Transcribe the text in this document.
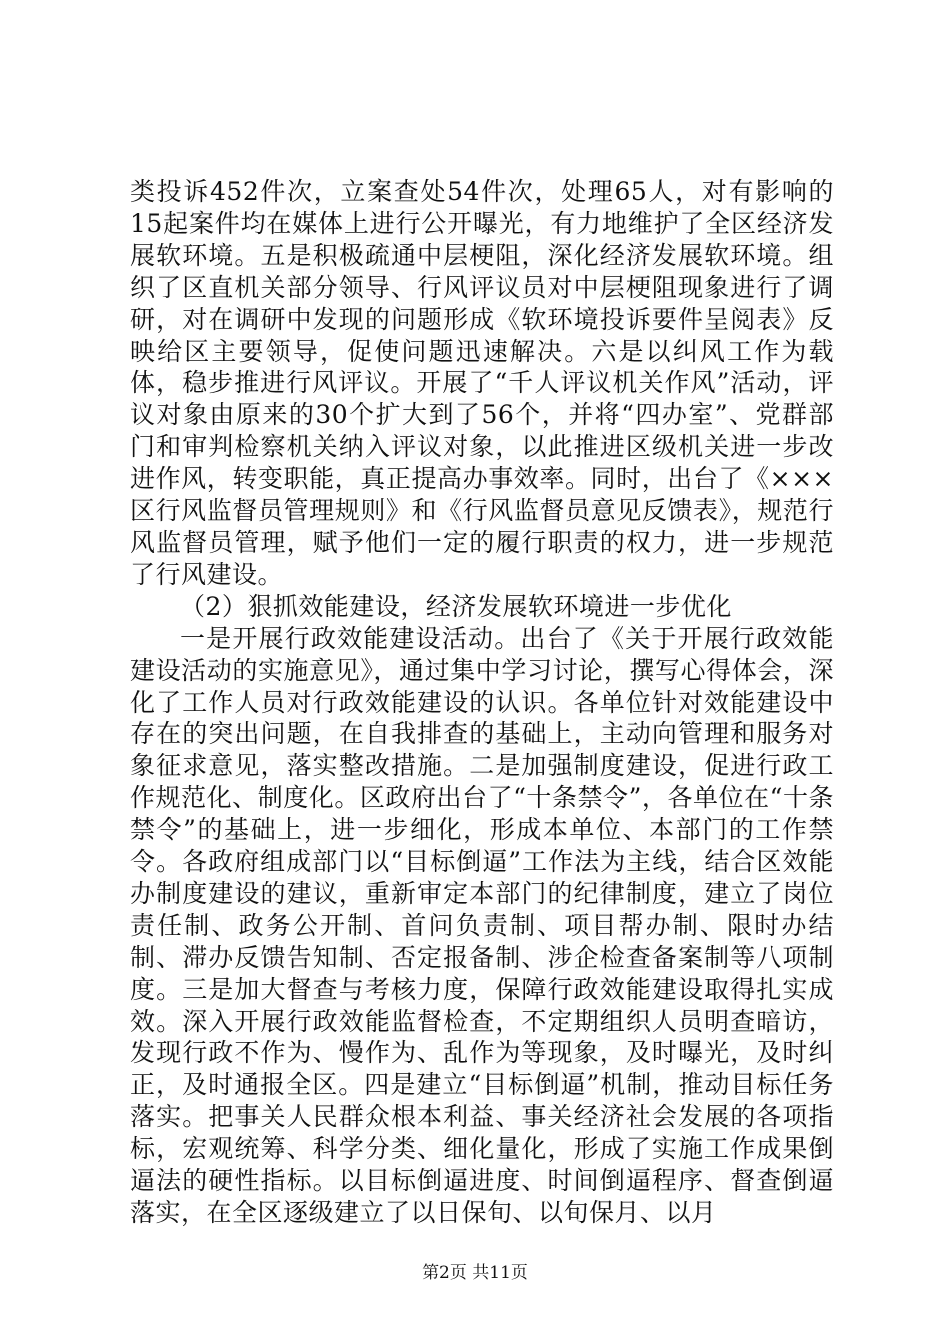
类投诉452件次，立案查处54件次，处理65人，对有影响的15起案件均在媒体上进行公开曝光，有力地维护了全区经济发展软环境。五是积极疏通中层梗阻，深化经济发展软环境。组织了区直机关部分领导、行风评议员对中层梗阻现象进行了调研，对在调研中发现的问题形成《软环境投诉要件呈阅表》反映给区主要领导，促使问题迅速解决。六是以纠风工作为载体，稳步推进行风评议。开展了“千人评议机关作风”活动，评议对象由原来的30个扩大到了56个，并将“四办室”、党群部门和审判检察机关纳入评议对象，以此推进区级机关进一步改进作风，转变职能，真正提高办事效率。同时，出台了《×××区行风监督员管理规则》和《行风监督员意见反馈表》，规范行风监督员管理，赋予他们一定的履行职责的权力，进一步规范了行风建设。

（2）狠抓效能建设，经济发展软环境进一步优化

一是开展行政效能建设活动。出台了《关于开展行政效能建设活动的实施意见》，通过集中学习讨论，撰写心得体会，深化了工作人员对行政效能建设的认识。各单位针对效能建设中存在的突出问题，在自我排查的基础上，主动向管理和服务对象征求意见，落实整改措施。二是加强制度建设，促进行政工作规范化、制度化。区政府出台了“十条禁令”，各单位在“十条禁令”的基础上，进一步细化，形成本单位、本部门的工作禁令。各政府组成部门以“目标倒逼”工作法为主线，结合区效能办制度建设的建议，重新审定本部门的纪律制度，建立了岗位责任制、政务公开制、首问负责制、项目帮办制、限时办结制、滞办反馈告知制、否定报备制、涉企检查备案制等八项制度。三是加大督查与考核力度，保障行政效能建设取得扎实成效。深入开展行政效能监督检查，不定期组织人员明查暗访，发现行政不作为、慢作为、乱作为等现象，及时曝光，及时纠正，及时通报全区。四是建立“目标倒逼”机制，推动目标任务落实。把事关人民群众根本利益、事关经济社会发展的各项指标，宏观统筹、科学分类、细化量化，形成了实施工作成果倒逼法的硬性指标。以目标倒逼进度、时间倒逼程序、督查倒逼落实，在全区逐级建立了以日保旬、以旬保月、以月

第2页 共11页
